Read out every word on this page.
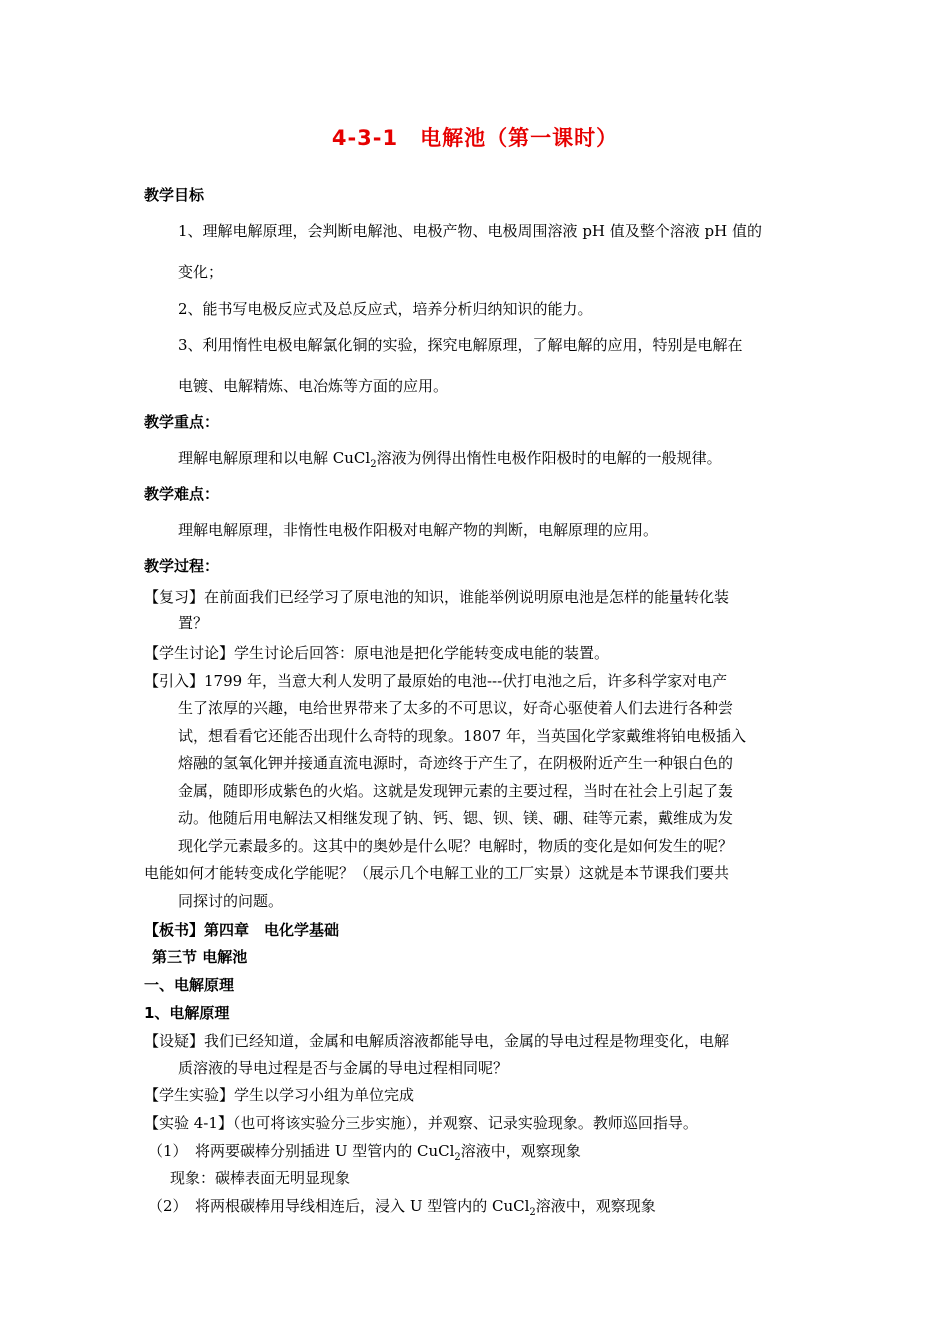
4-3-1　电解池（第一课时）
教学目标
1、理解电解原理，会判断电解池、电极产物、电极周围溶液 pH 值及整个溶液 pH 值的
变化；
2、能书写电极反应式及总反应式，培养分析归纳知识的能力。
3、利用惰性电极电解氯化铜的实验，探究电解原理，了解电解的应用，特别是电解在
电镀、电解精炼、电冶炼等方面的应用。
教学重点：
理解电解原理和以电解 CuCl$_2$溶液为例得出惰性电极作阳极时的电解的一般规律。
教学难点：
理解电解原理，非惰性电极作阳极对电解产物的判断，电解原理的应用。
教学过程：
【复习】在前面我们已经学习了原电池的知识，谁能举例说明原电池是怎样的能量转化装
置？
【学生讨论】学生讨论后回答：原电池是把化学能转变成电能的装置。
【引入】1799 年，当意大利人发明了最原始的电池---伏打电池之后，许多科学家对电产
生了浓厚的兴趣，电给世界带来了太多的不可思议，好奇心驱使着人们去进行各种尝
试，想看看它还能否出现什么奇特的现象。1807 年，当英国化学家戴维将铂电极插入
熔融的氢氧化钾并接通直流电源时，奇迹终于产生了，在阴极附近产生一种银白色的
金属，随即形成紫色的火焰。这就是发现钾元素的主要过程，当时在社会上引起了轰
动。他随后用电解法又相继发现了钠、钙、锶、钡、镁、硼、硅等元素，戴维成为发
现化学元素最多的。这其中的奥妙是什么呢？电解时，物质的变化是如何发生的呢？
电能如何才能转变成化学能呢？（展示几个电解工业的工厂实景）这就是本节课我们要共
同探讨的问题。
【板书】第四章　电化学基础
第三节 电解池
一、电解原理
1、电解原理
【设疑】我们已经知道，金属和电解质溶液都能导电，金属的导电过程是物理变化，电解
质溶液的导电过程是否与金属的导电过程相同呢？
【学生实验】学生以学习小组为单位完成
【实验 4-1】（也可将该实验分三步实施），并观察、记录实验现象。教师巡回指导。
（1）　将两要碳棒分别插进 U 型管内的 CuCl$_2$溶液中，观察现象
现象：碳棒表面无明显现象
（2）　将两根碳棒用导线相连后，浸入 U 型管内的 CuCl$_2$溶液中，观察现象
